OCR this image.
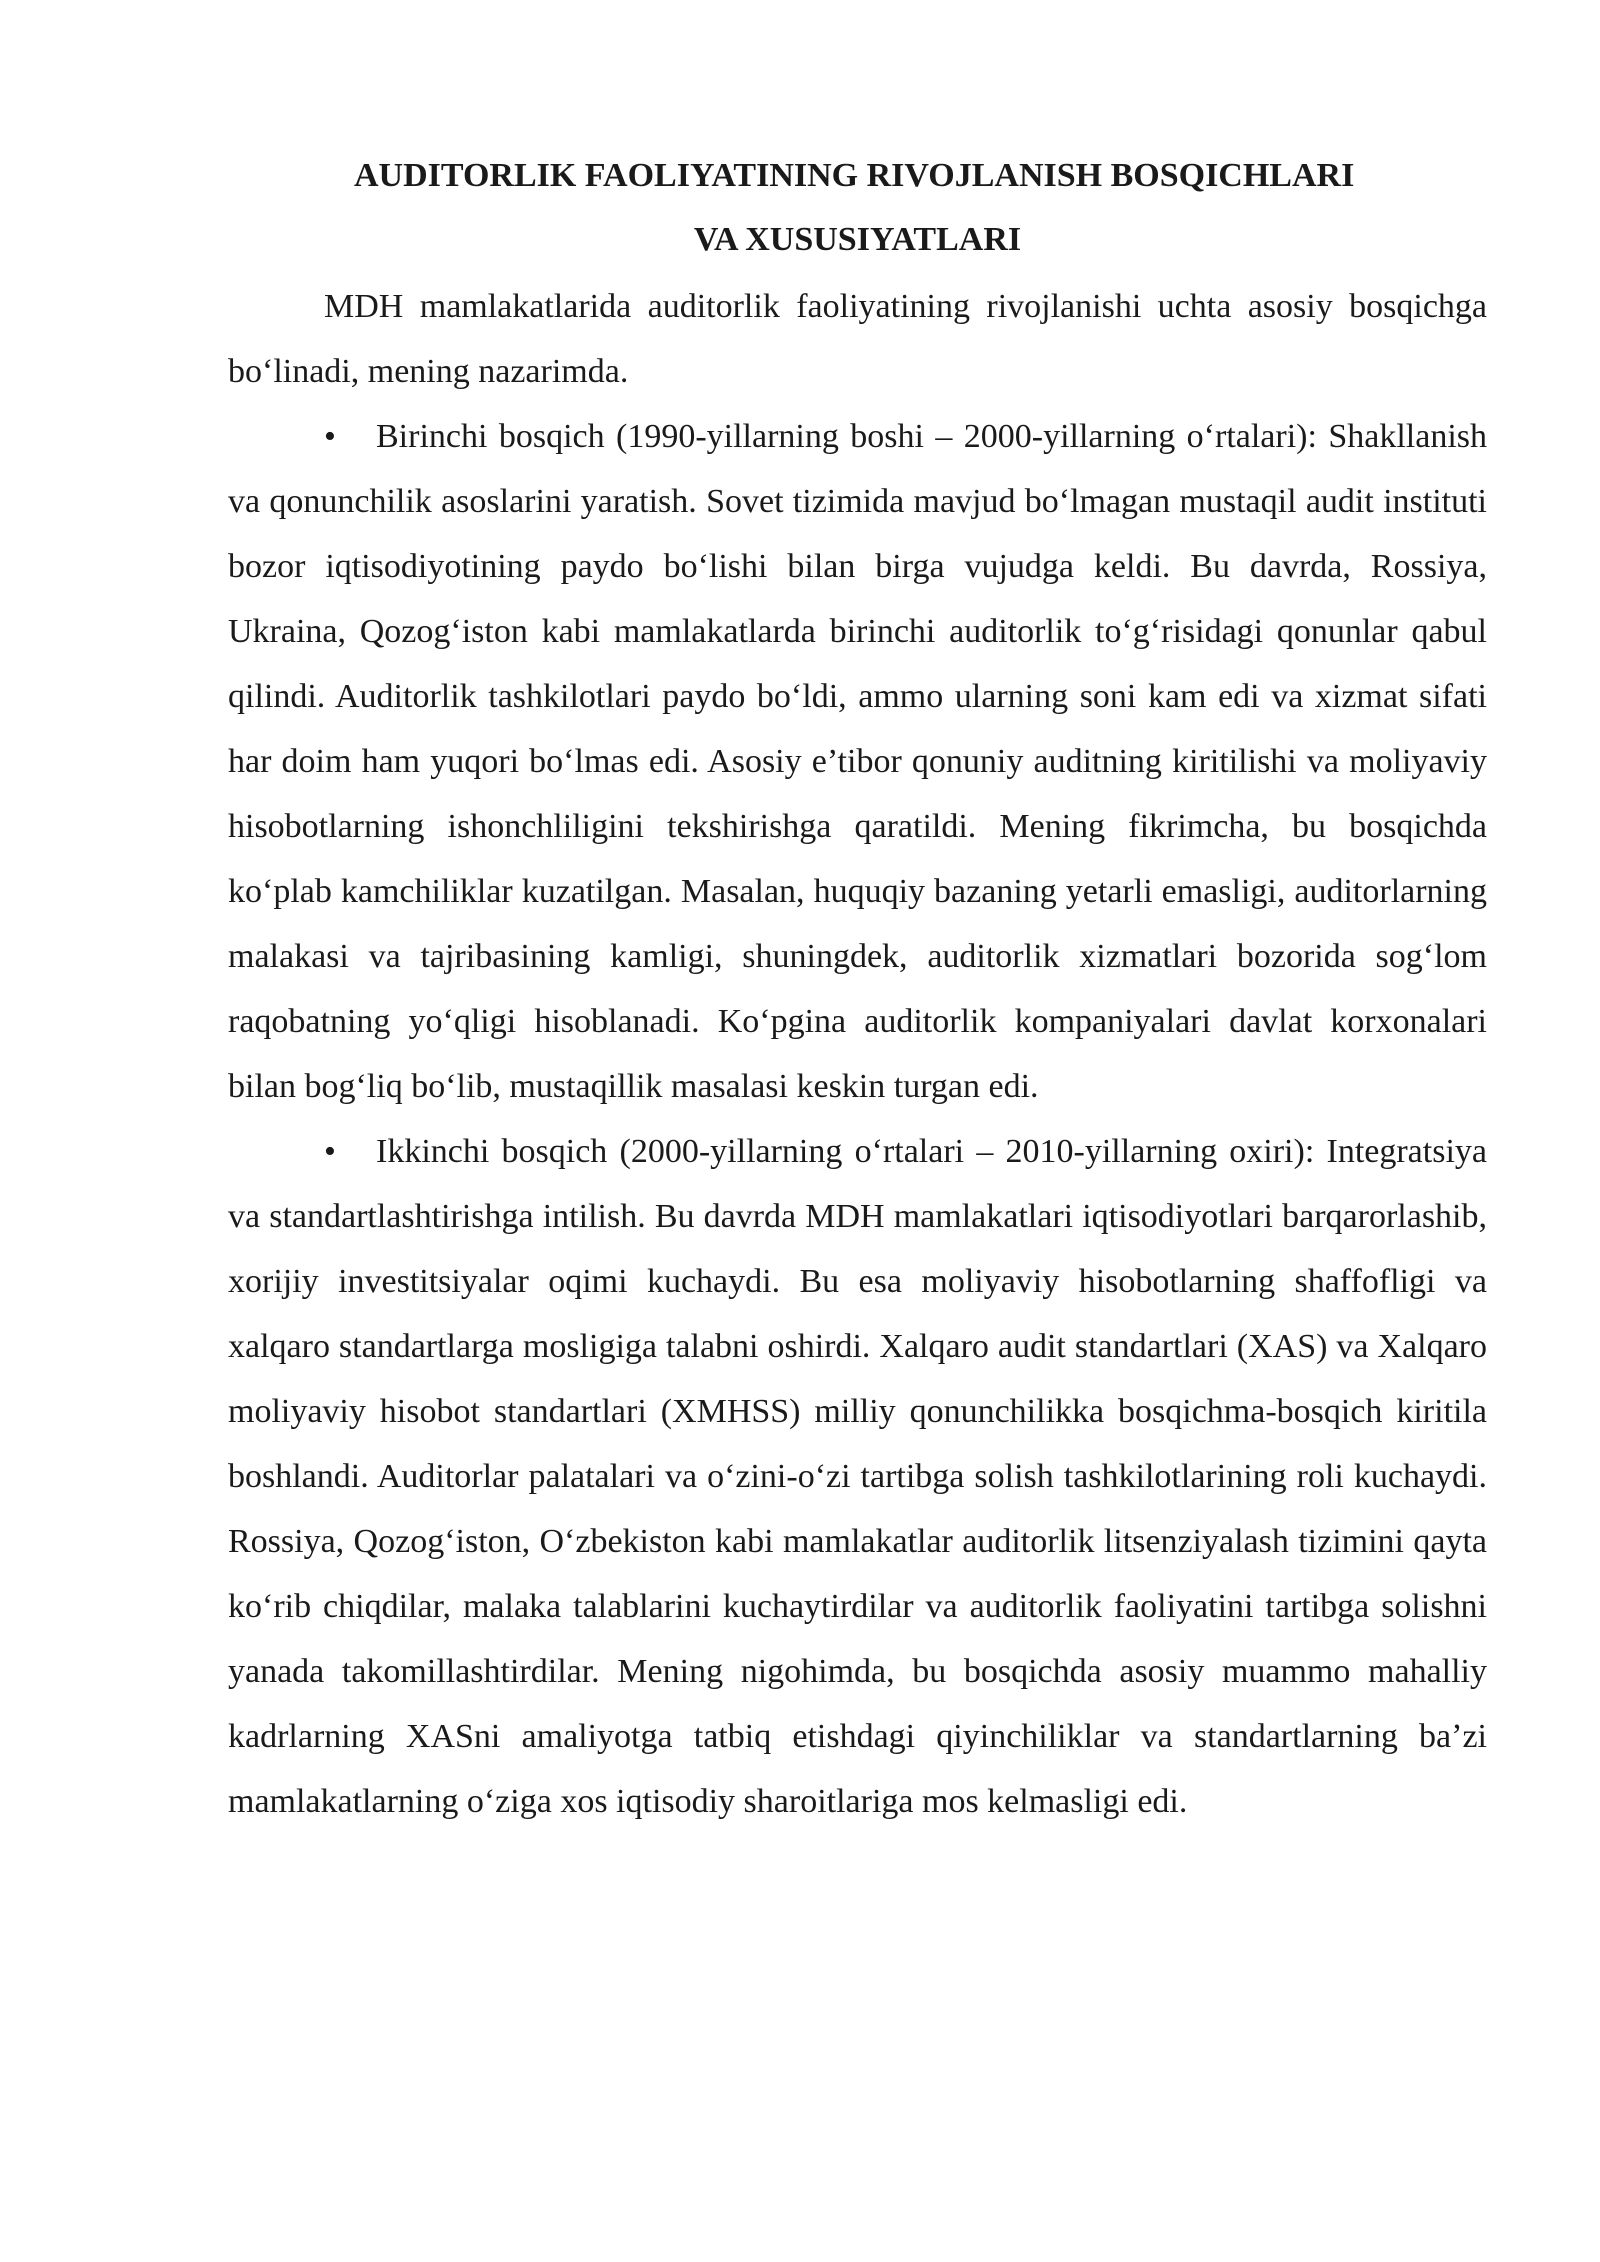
AUDITORLIK FAOLIYATINING RIVOJLANISH BOSQICHLARI
VA XUSUSIYATLARI

MDH mamlakatlarida auditorlik faoliyatining rivojlanishi uchta asosiy bosqichga boʻlinadi, mening nazarimda.

• Birinchi bosqich (1990-yillarning boshi – 2000-yillarning oʻrtalari): Shakllanish va qonunchilik asoslarini yaratish. Sovet tizimida mavjud boʻlmagan mustaqil audit instituti bozor iqtisodiyotining paydo boʻlishi bilan birga vujudga keldi. Bu davrda, Rossiya, Ukraina, Qozogʻiston kabi mamlakatlarda birinchi auditorlik toʻgʻrisidagi qonunlar qabul qilindi. Auditorlik tashkilotlari paydo boʻldi, ammo ularning soni kam edi va xizmat sifati har doim ham yuqori boʻlmas edi. Asosiy e’tibor qonuniy auditning kiritilishi va moliyaviy hisobotlarning ishonchliligini tekshirishga qaratildi. Mening fikrimcha, bu bosqichda koʻplab kamchiliklar kuzatilgan. Masalan, huquqiy bazaning yetarli emasligi, auditorlarning malakasi va tajribasining kamligi, shuningdek, auditorlik xizmatlari bozorida sogʻlom raqobatning yoʻqligi hisoblanadi. Koʻpgina auditorlik kompaniyalari davlat korxonalari bilan bogʻliq boʻlib, mustaqillik masalasi keskin turgan edi.

• Ikkinchi bosqich (2000-yillarning oʻrtalari – 2010-yillarning oxiri): Integratsiya va standartlashtirishga intilish. Bu davrda MDH mamlakatlari iqtisodiyotlari barqarorlashib, xorijiy investitsiyalar oqimi kuchaydi. Bu esa moliyaviy hisobotlarning shaffofligi va xalqaro standartlarga mosligiga talabni oshirdi. Xalqaro audit standartlari (XAS) va Xalqaro moliyaviy hisobot standartlari (XMHSS) milliy qonunchilikka bosqichma-bosqich kiritila boshlandi. Auditorlar palatalari va oʻzini-oʻzi tartibga solish tashkilotlarining roli kuchaydi. Rossiya, Qozogʻiston, Oʻzbekiston kabi mamlakatlar auditorlik litsenziyalash tizimini qayta koʻrib chiqdilar, malaka talablarini kuchaytirdilar va auditorlik faoliyatini tartibga solishni yanada takomillashtirdilar. Mening nigohimda, bu bosqichda asosiy muammo mahalliy kadrlarning XASni amaliyotga tatbiq etishdagi qiyinchiliklar va standartlarning baʼzi mamlakatlarning oʻziga xos iqtisodiy sharoitlariga mos kelmasligi edi.
